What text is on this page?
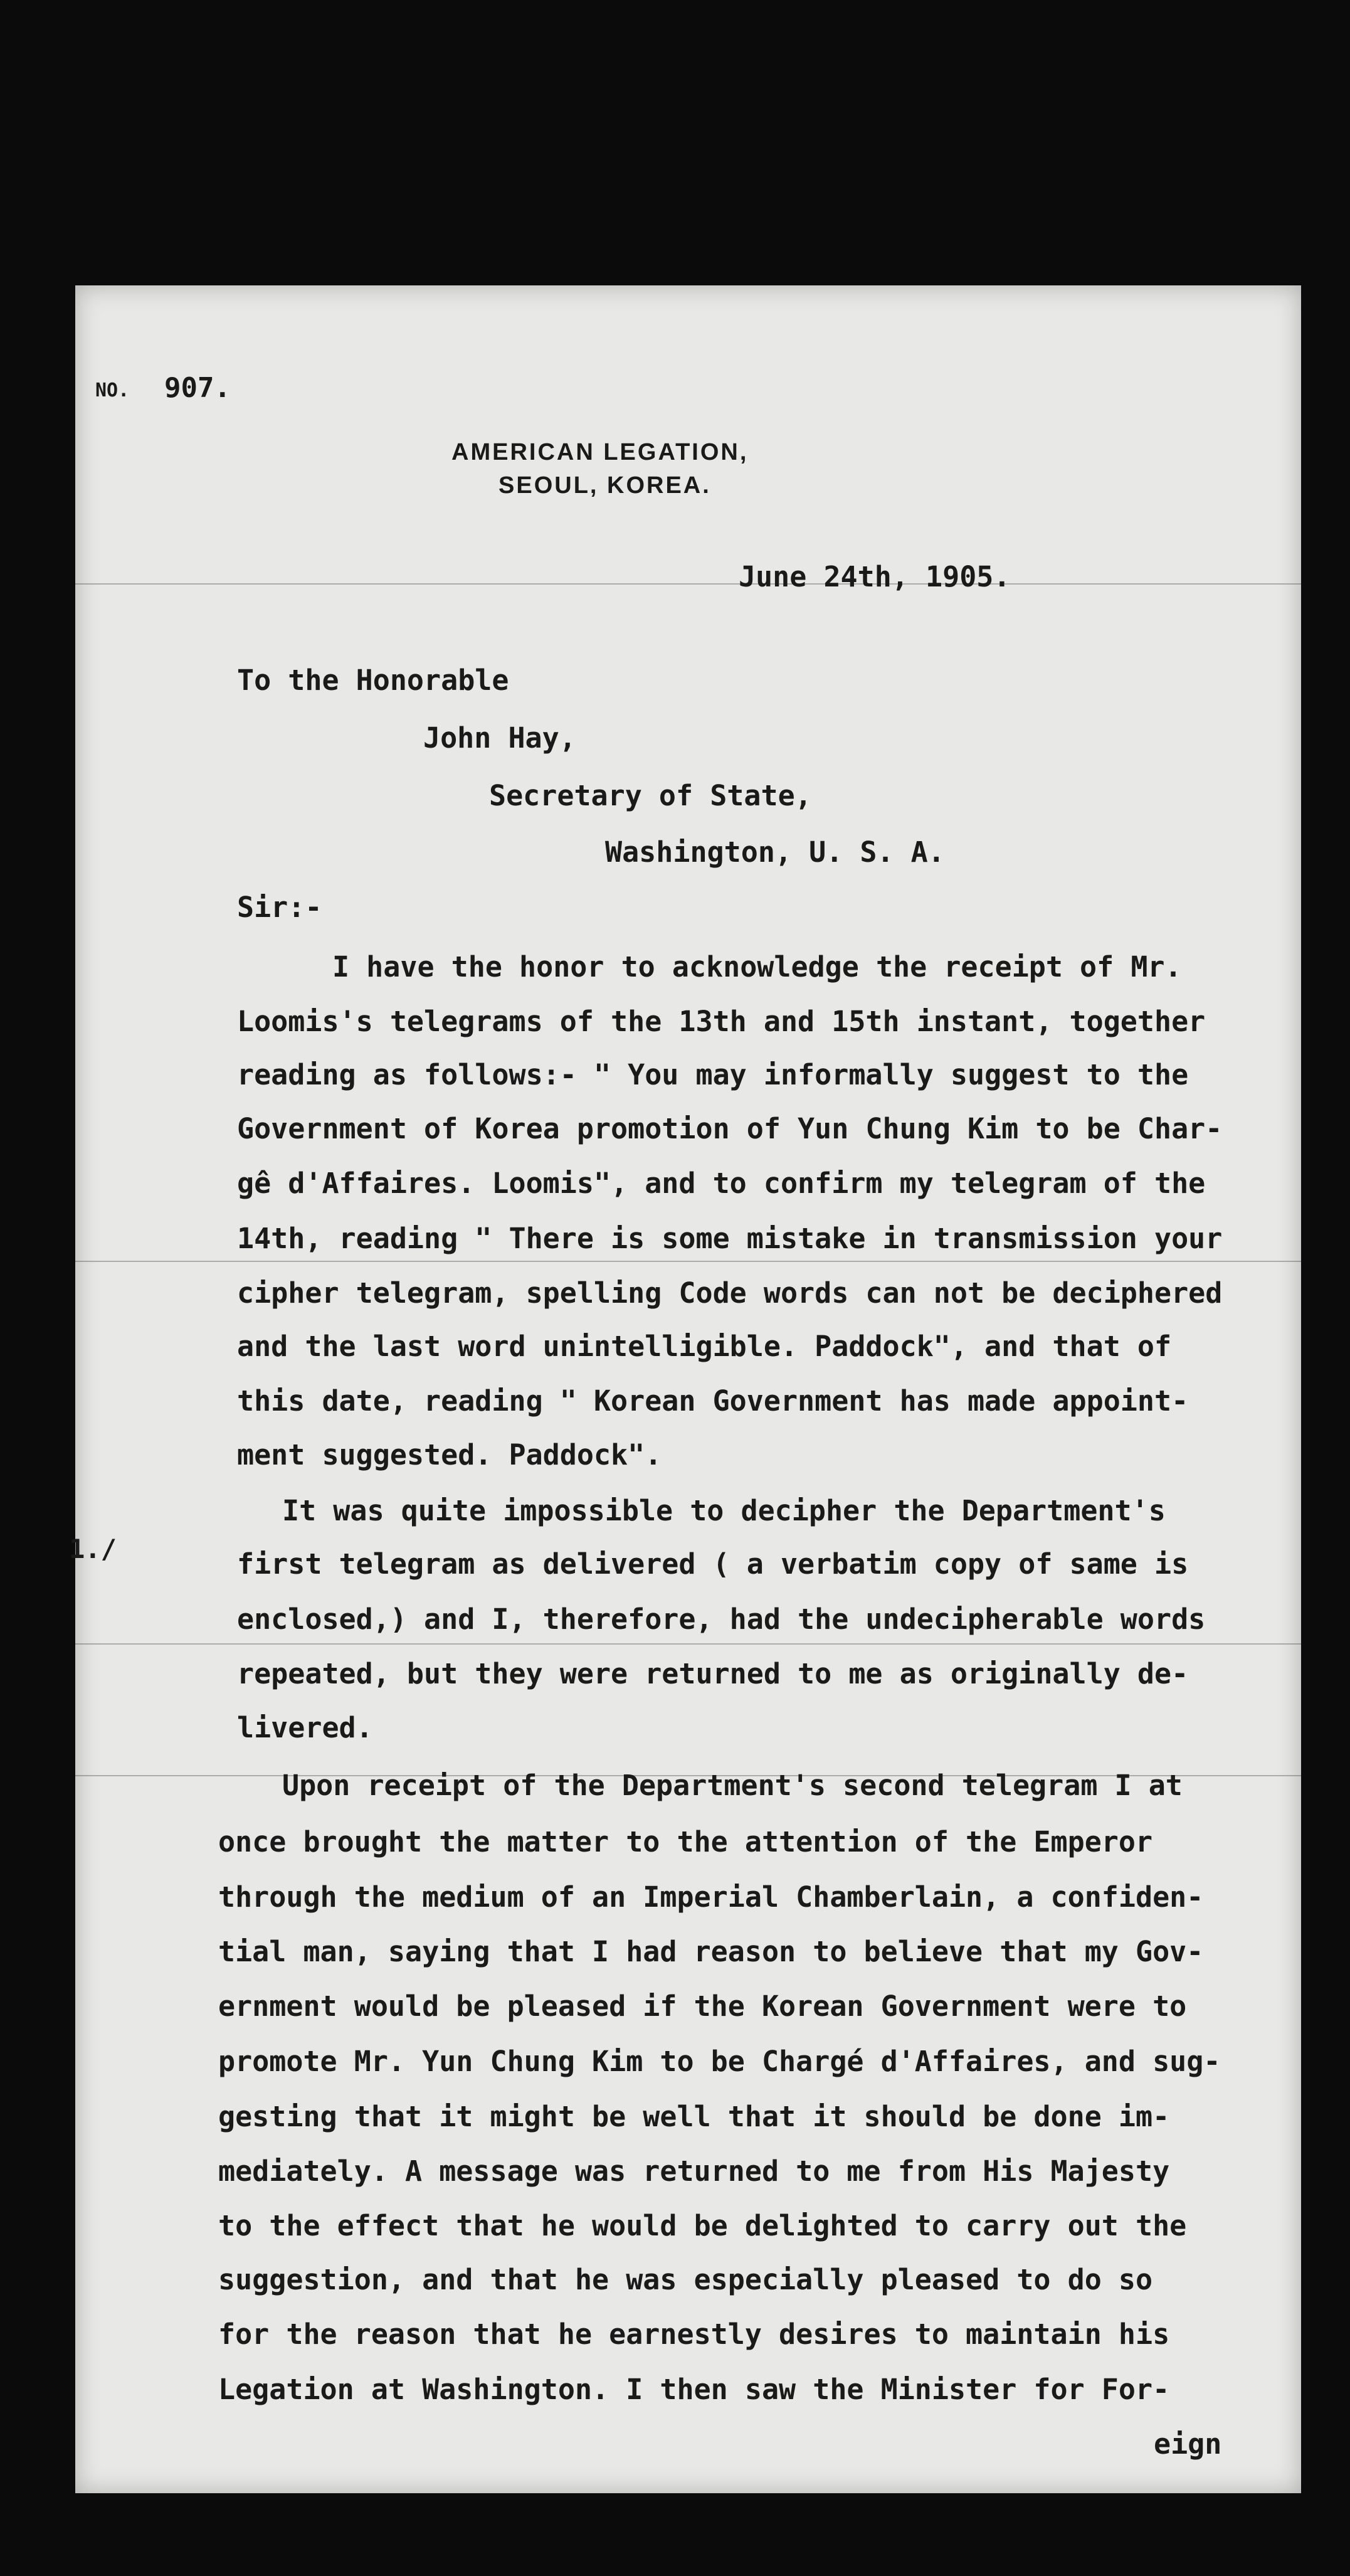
NO. 907.
AMERICAN LEGATION,
SEOUL, KOREA.
June 24th, 1905.
To the Honorable
John Hay,
Secretary of State,
Washington, U. S. A.
Sir:-
1./
I have the honor to acknowledge the receipt of Mr.
Loomis's telegrams of the 13th and 15th instant, together
reading as follows:- " You may informally suggest to the
Government of Korea promotion of Yun Chung Kim to be Char-
gê d'Affaires. Loomis", and to confirm my telegram of the
14th, reading " There is some mistake in transmission your
cipher telegram, spelling Code words can not be deciphered
and the last word unintelligible. Paddock", and that of
this date, reading " Korean Government has made appoint-
ment suggested. Paddock".
It was quite impossible to decipher the Department's
first telegram as delivered ( a verbatim copy of same is
enclosed,) and I, therefore, had the undecipherable words
repeated, but they were returned to me as originally de-
livered.
Upon receipt of the Department's second telegram I at
once brought the matter to the attention of the Emperor
through the medium of an Imperial Chamberlain, a confiden-
tial man, saying that I had reason to believe that my Gov-
ernment would be pleased if the Korean Government were to
promote Mr. Yun Chung Kim to be Chargé d'Affaires, and sug-
gesting that it might be well that it should be done im-
mediately. A message was returned to me from His Majesty
to the effect that he would be delighted to carry out the
suggestion, and that he was especially pleased to do so
for the reason that he earnestly desires to maintain his
Legation at Washington. I then saw the Minister for For-
eign
